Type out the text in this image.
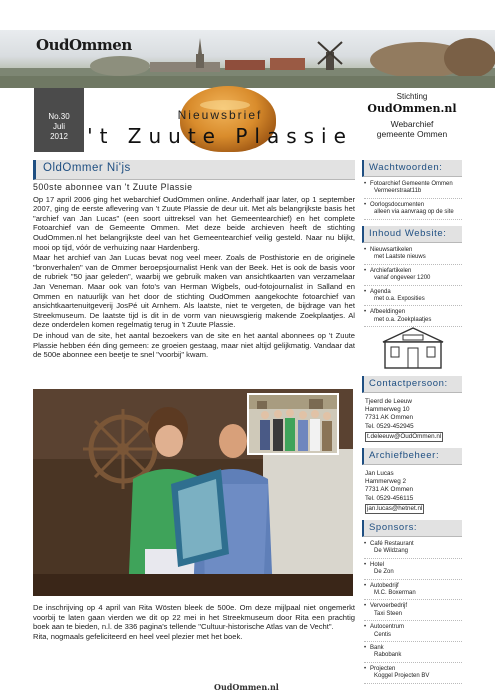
OudOmmen
No.30
Juli
2012
Nieuwsbrief
't Zuute Plassie
Stichting
OudOmmen.nl
Webarchief
gemeente Ommen
OldOmmer Ni'js
500ste abonnee van 't Zuute Plassie

Op 17 april 2006 ging het webarchief OudOmmen online. Anderhalf jaar later, op 1 september 2007, ging de eerste aflevering van 't Zuute Plassie de deur uit. Met als belangrijkste basis het "archief van Jan Lucas" (een soort uittreksel van het Gemeentearchief) en het complete Fotoarchief van de Gemeente Ommen. Met deze beide archieven heeft de stichting OudOmmen.nl het belangrijkste deel van het Gemeentearchief veilig gesteld. Naar nu blijkt, mooi op tijd, vóór de verhuizing naar Hardenberg.

Maar het archief van Jan Lucas bevat nog veel meer. Zoals de Posthistorie en de originele "bronverhalen" van de Ommer beroepsjournalist Henk van der Beek. Het is ook de basis voor de rubriek "50 jaar geleden", waarbij we gebruik maken van ansichtkaarten van verzamelaar Jan Veneman. Maar ook van foto's van Herman Wigbels, oud-fotojournalist in Salland en Ommen en natuurlijk van het door de stichting OudOmmen aangekochte fotoarchief van ansichtkaartenuitgeverij JosPé uit Arnhem. Als laatste, niet te vergeten, de bijdrage van het Streekmuseum. De laatste tijd is dit in de vorm van nieuwsgierig makende Zoekplaatjes. Al deze onderdelen komen regelmatig terug in 't Zuute Plassie.

De inhoud van de site, het aantal bezoekers van de site en het aantal abonnees op 't Zuute Plassie hebben één ding gemeen: ze groeien gestaag, maar niet altijd gelijkmatig. Vandaar dat de 500e abonnee een beetje te snel "voorbij" kwam.

De inschrijving op 4 april van Rita Wösten bleek de 500e. Om deze mijlpaal niet ongemerkt voorbij te laten gaan vierden we dit op 22 mei in het Streekmuseum door Rita een prachtig boek aan te bieden, n.l. de 336 pagina's tellende "Cultuur-historische Atlas van de Vecht".

Rita, nogmaals gefeliciteerd en heel veel plezier met het boek.

OudOmmen.nl
Wachtwoorden:
• Fotoarchief Gemeente Ommen
Vermeerstraat11b
• Oorlogsdocumenten
alleen via aanvraag op de site
Inhoud Website:
• Nieuwsartikelen
met Laatste nieuws
• Archiefartikelen
vanaf ongeveer 1200
• Agenda
met o.a. Exposities
• Afbeeldingen
met o.a. Zoekplaatjes
Contactpersoon:
Tjeerd de Leeuw
Hammerweg 10
7731 AK Ommen
Tel. 0529-452945
t.deleeuw@OudOmmen.nl
Archiefbeheer:
Jan Lucas
Hammerweg 2
7731 AK Ommen
Tel. 0529-456115
jan.lucas@hetnet.nl
Sponsors:
• Café Restaurant
De Wildzang
• Hotel
De Zon
• Autobedrijf
M.C. Boxerman
• Vervoerbedrijf
Taxi Steen
• Autocentrum
Centis
• Bank
Rabobank
• Projecten
Koggel Projecten BV
